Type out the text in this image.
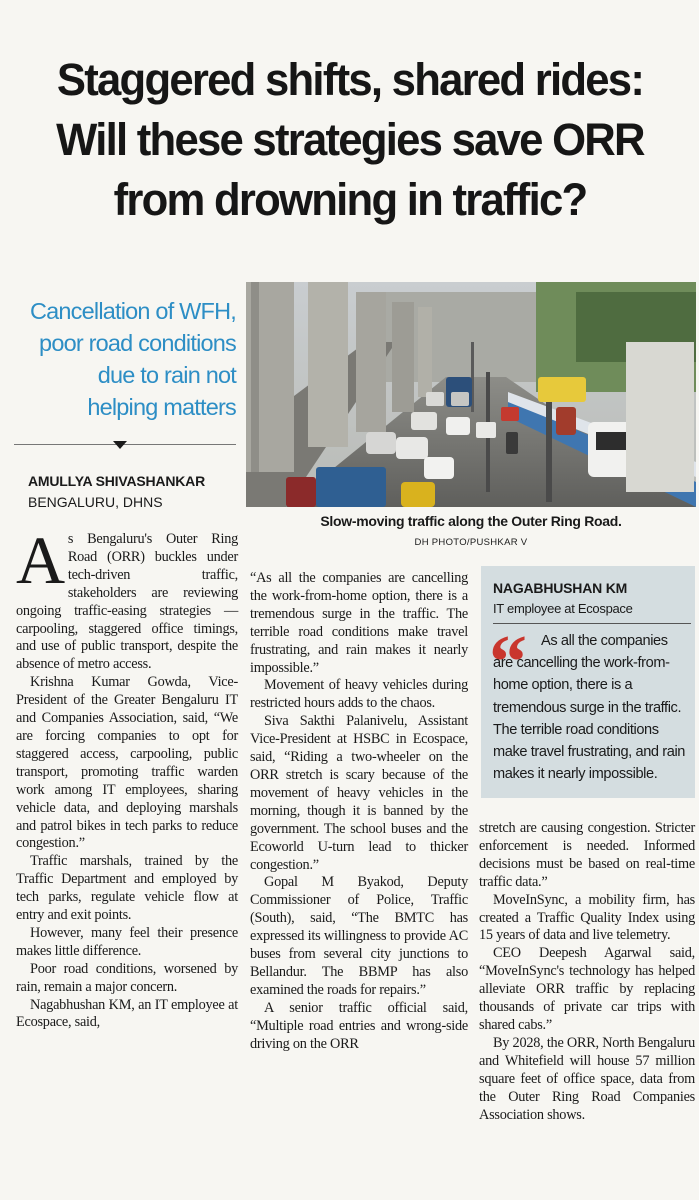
Staggered shifts, shared rides:
Will these strategies save ORR
from drowning in traffic?
Cancellation of WFH,
poor road conditions
due to rain not
helping matters
AMULLYA SHIVASHANKAR
BENGALURU, DHNS
Slow-moving traffic along the Outer Ring Road.
DH PHOTO/PUSHKAR V

As Bengaluru's Outer Ring Road (ORR) buckles under tech-driven traffic, stakeholders are reviewing ongoing traffic-easing strategies — carpooling, staggered office timings, and use of public transport, despite the absence of metro access.

Krishna Kumar Gowda, Vice-President of the Greater Bengaluru IT and Companies Association, said, “We are forcing companies to opt for staggered access, carpooling, public transport, promoting traffic warden work among IT employees, sharing vehicle data, and deploying marshals and patrol bikes in tech parks to reduce congestion.”

Traffic marshals, trained by the Traffic Department and employed by tech parks, regulate vehicle flow at entry and exit points.

However, many feel their presence makes little difference.

Poor road conditions, worsened by rain, remain a major concern.

Nagabhushan KM, an IT employee at Ecospace, said,

“As all the companies are cancelling the work-from-home option, there is a tremendous surge in the traffic. The terrible road conditions make travel frustrating, and rain makes it nearly impossible.”

Movement of heavy vehicles during restricted hours adds to the chaos.

Siva Sakthi Palanivelu, Assistant Vice-President at HSBC in Ecospace, said, “Riding a two-wheeler on the ORR stretch is scary because of the movement of heavy vehicles in the morning, though it is banned by the government. The school buses and the Ecoworld U-turn lead to thicker congestion.”

Gopal M Byakod, Deputy Commissioner of Police, Traffic (South), said, “The BMTC has expressed its willingness to provide AC buses from several city junctions to Bellandur. The BBMP has also examined the roads for repairs.”

A senior traffic official said, “Multiple road entries and wrong-side driving on the ORR

NAGABHUSHAN KM
IT employee at Ecospace
“ As all the companies are cancelling the work-from-home option, there is a tremendous surge in the traffic. The terrible road conditions make travel frustrating, and rain makes it nearly impossible.

stretch are causing congestion. Stricter enforcement is needed. Informed decisions must be based on real-time traffic data.”

MoveInSync, a mobility firm, has created a Traffic Quality Index using 15 years of data and live telemetry.

CEO Deepesh Agarwal said, “MoveInSync's technology has helped alleviate ORR traffic by replacing thousands of private car trips with shared cabs.”

By 2028, the ORR, North Bengaluru and Whitefield will house 57 million square feet of office space, data from the Outer Ring Road Companies Association shows.
